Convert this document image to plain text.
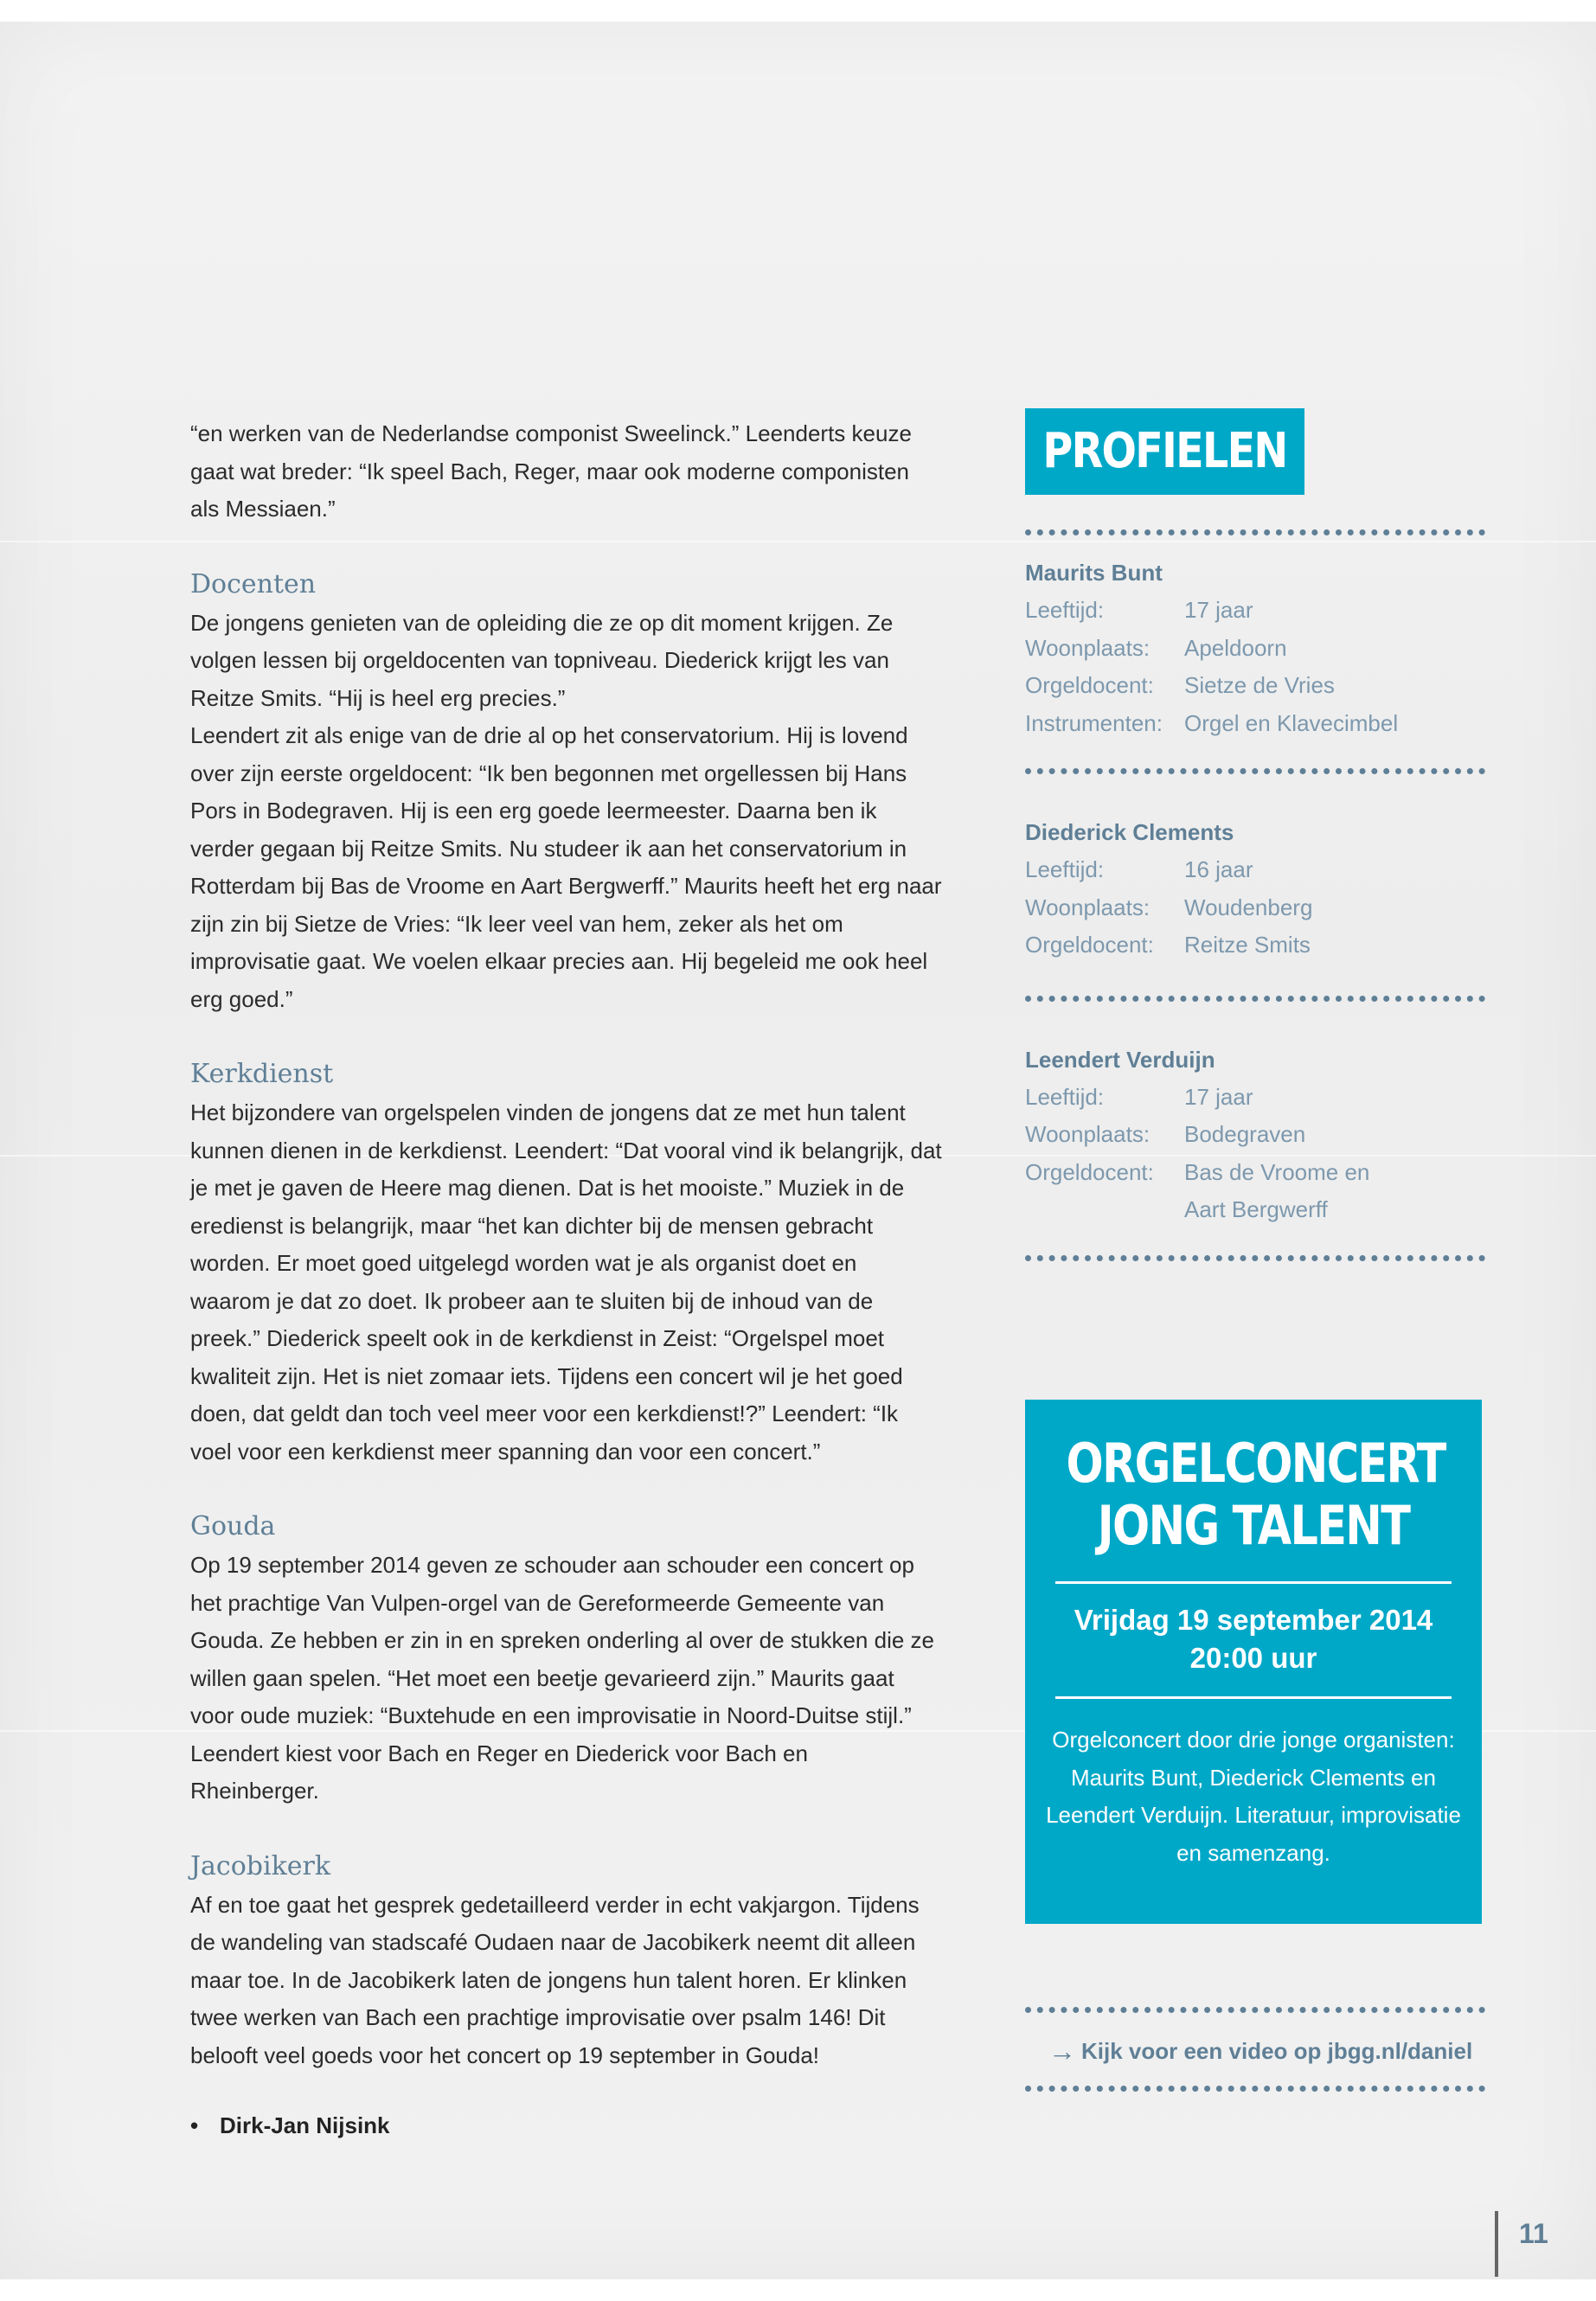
“en werken van de Nederlandse componist Sweelinck.” Leenderts keuze gaat wat breder: “Ik speel Bach, Reger, maar ook moderne componisten als Messiaen.”

Docenten

De jongens genieten van de opleiding die ze op dit moment krijgen. Ze volgen lessen bij orgeldocenten van topniveau. Diederick krijgt les van Reitze Smits. “Hij is heel erg precies.”

Leendert zit als enige van de drie al op het conservatorium. Hij is lovend over zijn eerste orgeldocent: “Ik ben begonnen met orgellessen bij Hans Pors in Bodegraven. Hij is een erg goede leermeester. Daarna ben ik verder gegaan bij Reitze Smits. Nu studeer ik aan het conservatorium in Rotterdam bij Bas de Vroome en Aart Bergwerff.” Maurits heeft het erg naar zijn zin bij Sietze de Vries: “Ik leer veel van hem, zeker als het om improvisatie gaat. We voelen elkaar precies aan. Hij begeleid me ook heel erg goed.”

Kerkdienst

Het bijzondere van orgelspelen vinden de jongens dat ze met hun talent kunnen dienen in de kerkdienst. Leendert: “Dat vooral vind ik belangrijk, dat je met je gaven de Heere mag dienen. Dat is het mooiste.” Muziek in de eredienst is belangrijk, maar “het kan dichter bij de mensen gebracht worden. Er moet goed uitgelegd worden wat je als organist doet en waarom je dat zo doet. Ik probeer aan te sluiten bij de inhoud van de preek.” Diederick speelt ook in de kerkdienst in Zeist: “Orgelspel moet kwaliteit zijn. Het is niet zomaar iets. Tijdens een concert wil je het goed doen, dat geldt dan toch veel meer voor een kerkdienst!?” Leendert: “Ik voel voor een kerkdienst meer spanning dan voor een concert.”

Gouda

Op 19 september 2014 geven ze schouder aan schouder een concert op het prachtige Van Vulpen-orgel van de Gereformeerde Gemeente van Gouda. Ze hebben er zin in en spreken onderling al over de stukken die ze willen gaan spelen. “Het moet een beetje gevarieerd zijn.” Maurits gaat voor oude muziek: “Buxtehude en een improvisatie in Noord-Duitse stijl.” Leendert kiest voor Bach en Reger en Diederick voor Bach en Rheinberger.

Jacobikerk

Af en toe gaat het gesprek gedetailleerd verder in echt vakjargon. Tijdens de wandeling van stadscafé Oudaen naar de Jacobikerk neemt dit alleen maar toe. In de Jacobikerk laten de jongens hun talent horen. Er klinken twee werken van Bach een prachtige improvisatie over psalm 146! Dit belooft veel goeds voor het concert op 19 september in Gouda!

• Dirk-Jan Nijsink
PROFIELEN
Maurits Bunt
Leeftijd:	17 jaar
Woonplaats:	Apeldoorn
Orgeldocent:	Sietze de Vries
Instrumenten: Orgel en Klavecimbel
Diederick Clements
Leeftijd:	16 jaar
Woonplaats:	Woudenberg
Orgeldocent:	Reitze Smits
Leendert Verduijn
Leeftijd:	17 jaar
Woonplaats:	Bodegraven
Orgeldocent:	Bas de Vroome en
Aart Bergwerff
ORGELCONCERT
JONG TALENT
Vrijdag 19 september 2014
20:00 uur
Orgelconcert door drie jonge organisten: Maurits Bunt, Diederick Clements en Leendert Verduijn. Literatuur, improvisatie en samenzang.
→ Kijk voor een video op jbgg.nl/daniel
11
